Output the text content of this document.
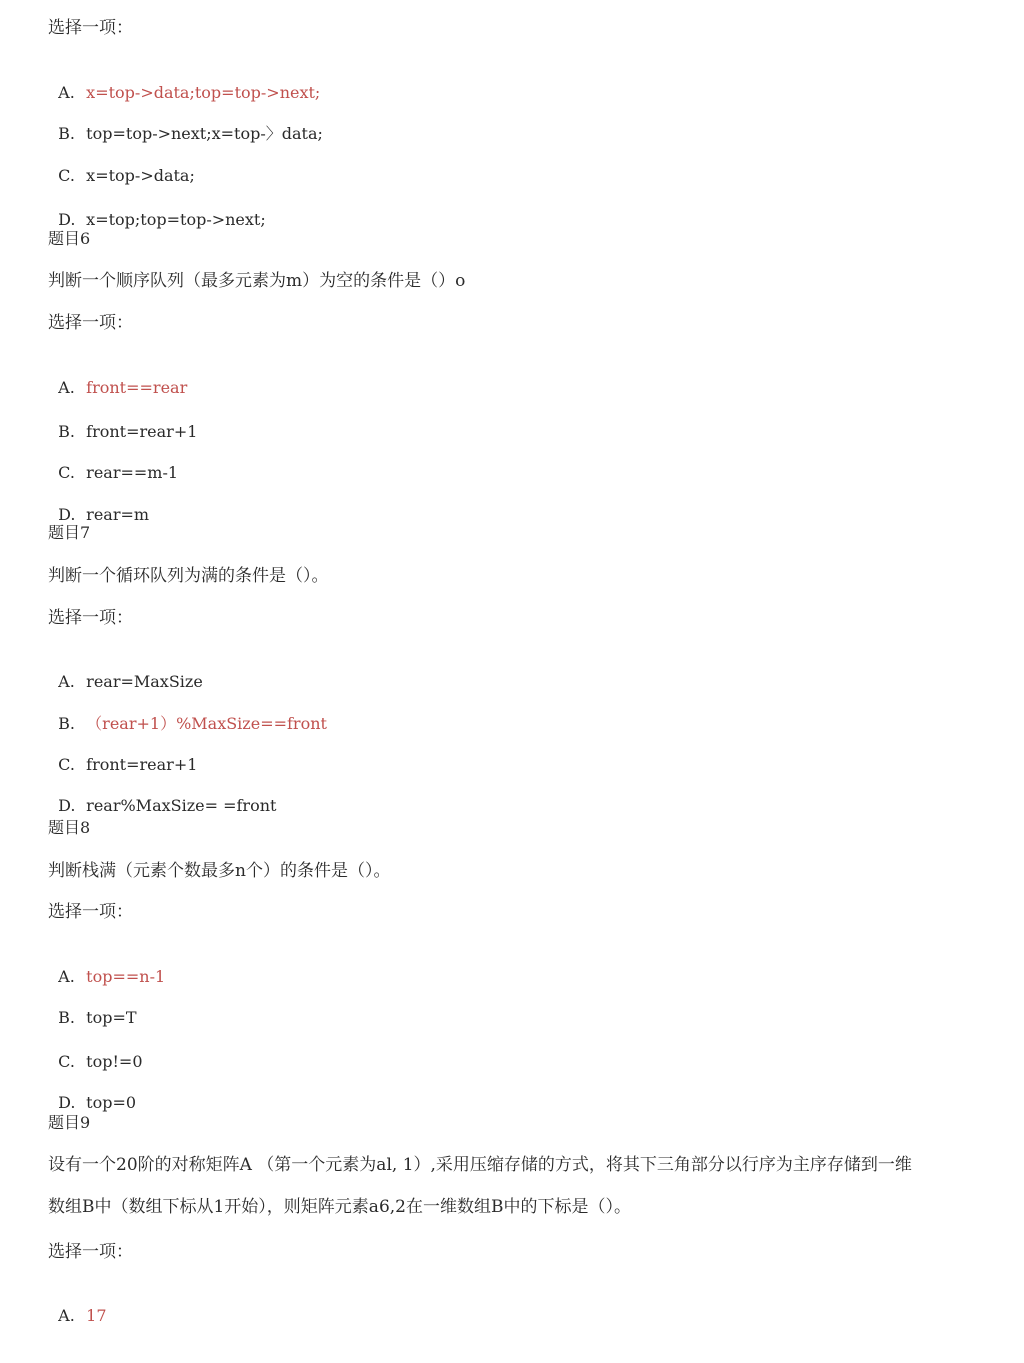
选择一项：

A. x=top->data;top=top->next;

B. top=top->next;x=top-〉data;

C. x=top->data;

D. x=top;top=top->next;

题目6
判断一个顺序队列（最多元素为m）为空的条件是（）o
选择一项：

A. front==rear

B. front=rear+1

C. rear==m-1

D. rear=m

题目7
判断一个循环队列为满的条件是（）。
选择一项：

A. rear=MaxSize

B. （rear+1）%MaxSize==front

C. front=rear+1

D. rear%MaxSize= =front

题目8
判断栈满（元素个数最多n个）的条件是（）。
选择一项：

A. top==n-1

B. top=T

C. top!=0

D. top=0

题目9
设有一个20阶的对称矩阵A （第一个元素为al, 1）,采用压缩存储的方式，将其下三角部分以行序为主序存储到一维
数组B中（数组下标从1开始），则矩阵元素a6,2在一维数组B中的下标是（）。
选择一项：

A. 17
